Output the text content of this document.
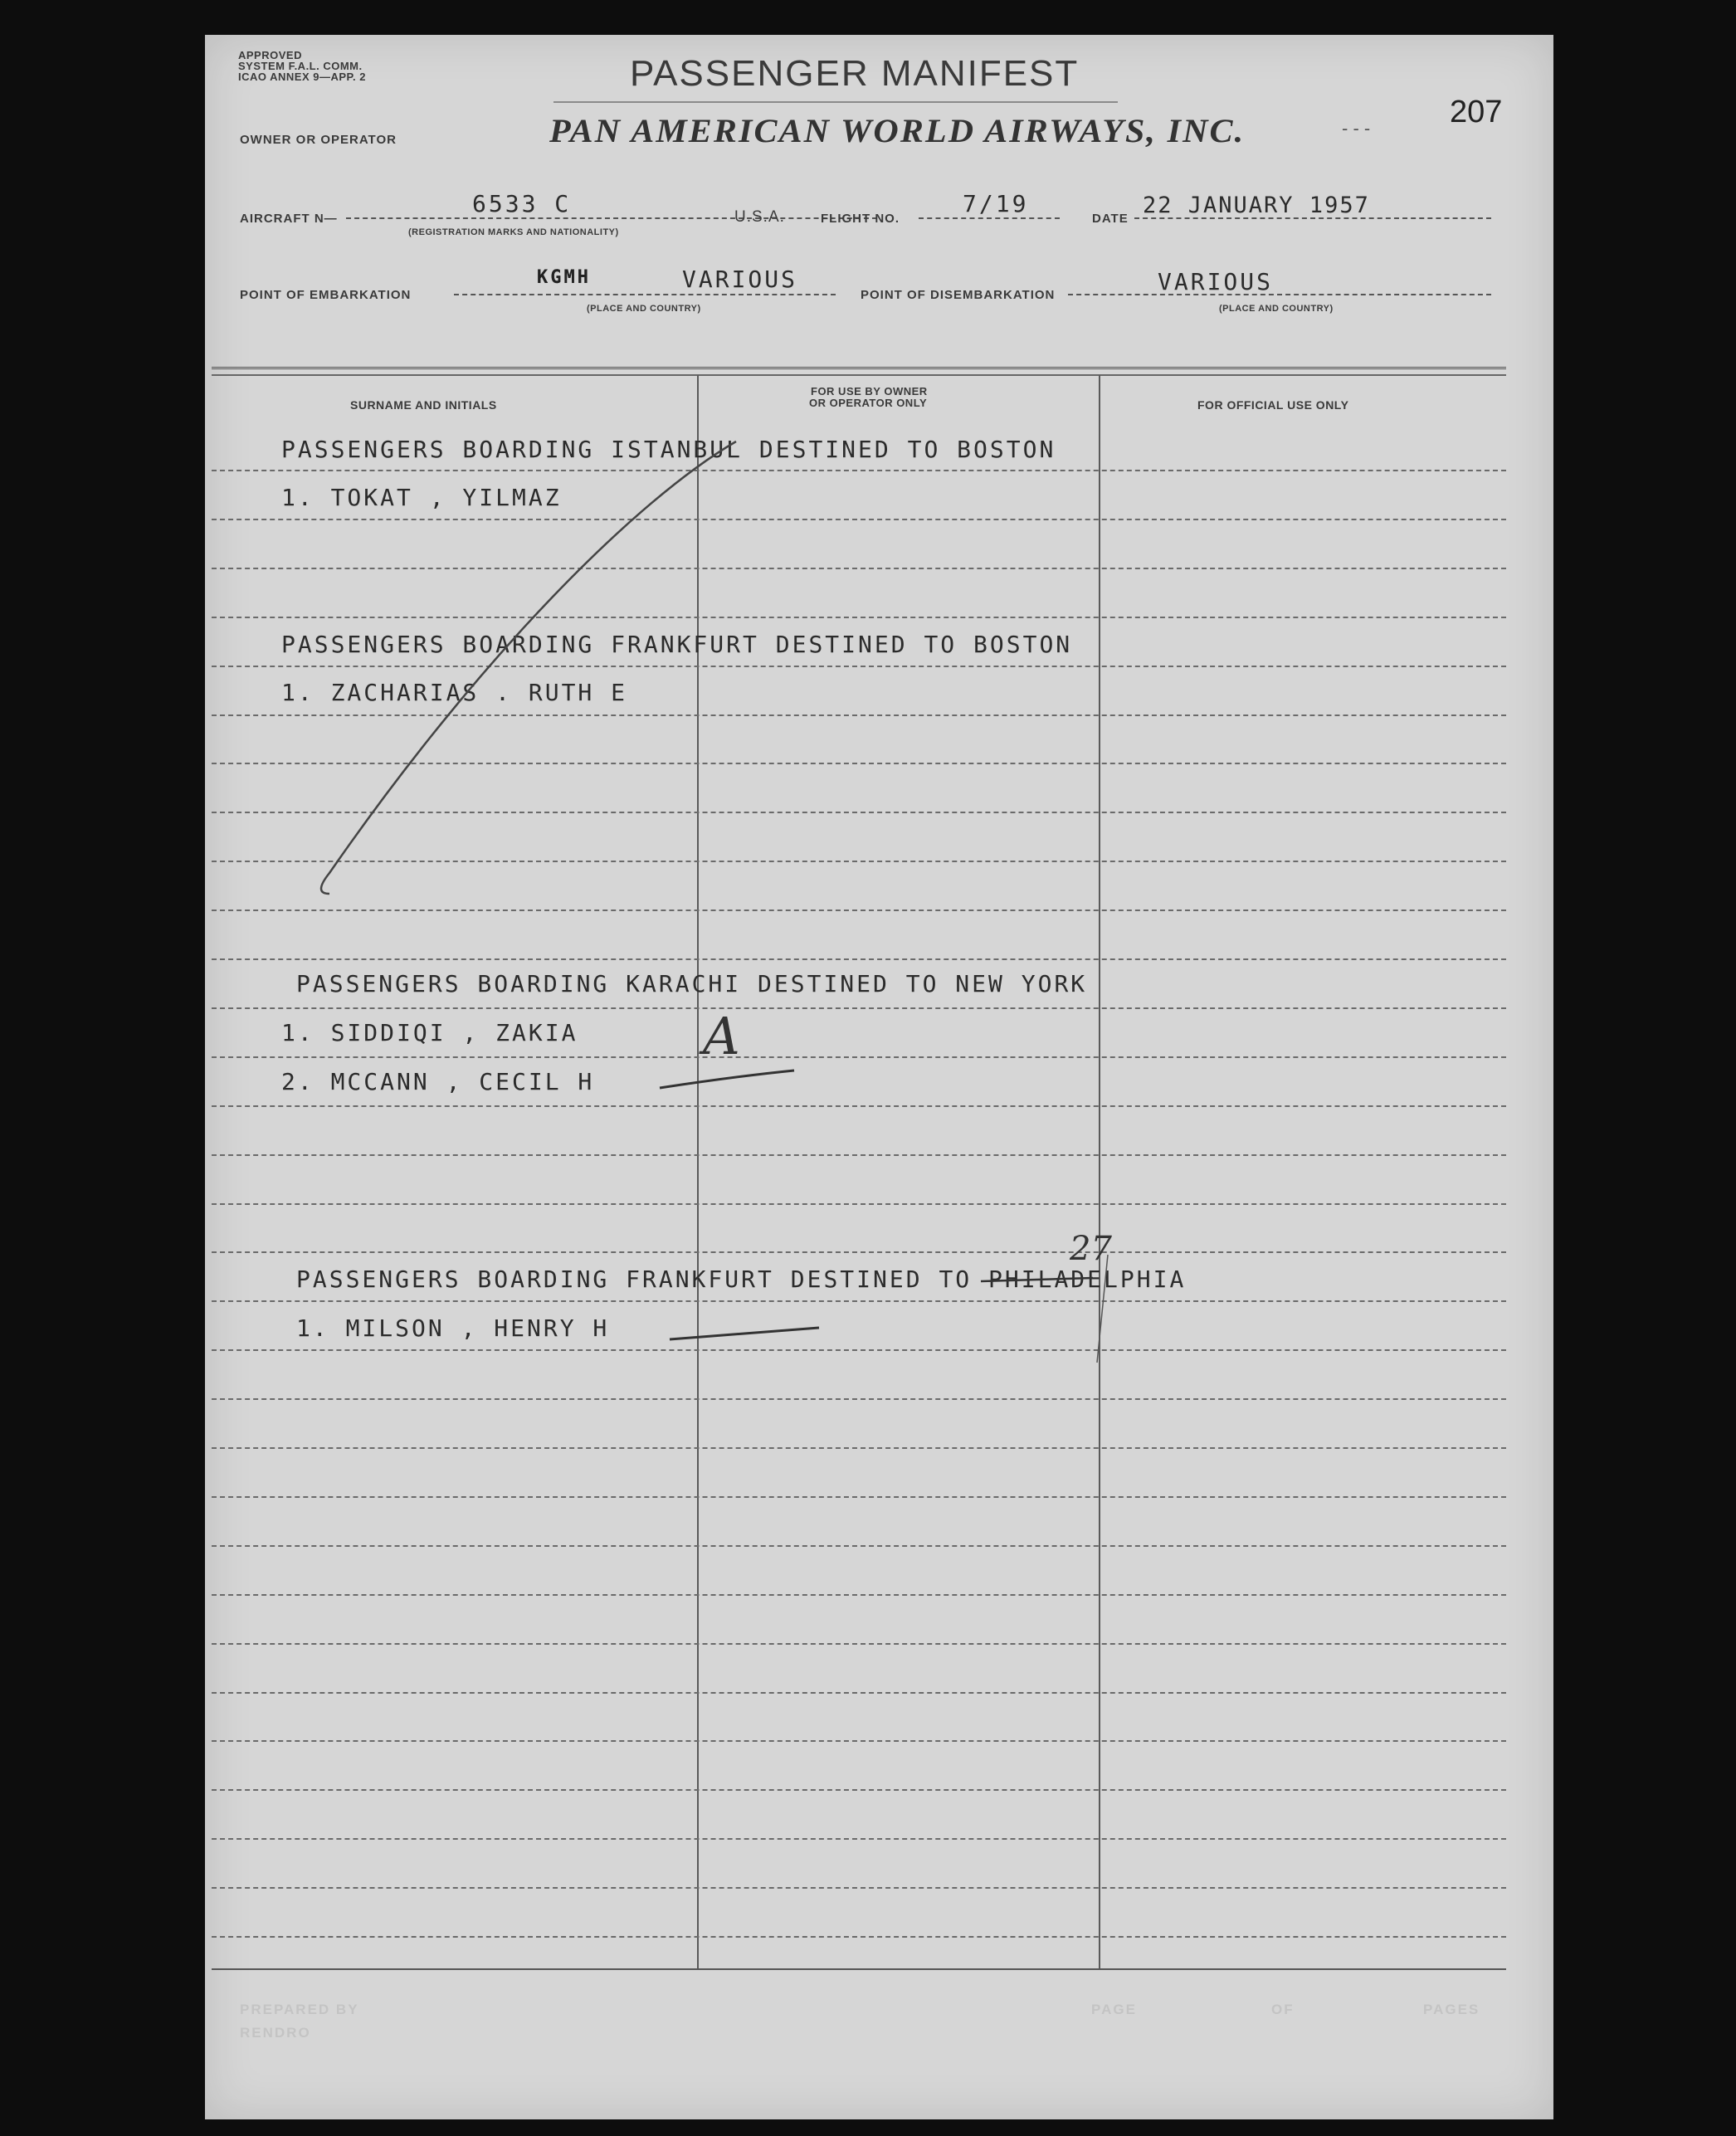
APPROVED
SYSTEM F.A.L. COMM.
ICAO ANNEX 9—APP. 2	PASSENGER MANIFEST
207
- - -
OWNER OR OPERATOR	PAN AMERICAN WORLD AIRWAYS, INC.
AIRCRAFT N—
6533 C
(REGISTRATION MARKS AND NATIONALITY)
U.S.A.	FLIGHT NO.
7/19
DATE
22 JANUARY 1957
POINT OF EMBARKATION
KGMH	VARIOUS
(PLACE AND COUNTRY)
POINT OF DISEMBARKATION	VARIOUS
(PLACE AND COUNTRY)
SURNAME AND INITIALS
FOR USE BY OWNER
OR OPERATOR ONLY	FOR OFFICIAL USE ONLY
PASSENGERS BOARDING ISTANBUL DESTINED TO BOSTON
1. TOKAT , YILMAZ
PASSENGERS BOARDING FRANKFURT DESTINED TO BOSTON
1. ZACHARIAS . RUTH E
PASSENGERS BOARDING KARACHI DESTINED TO NEW YORK
1. SIDDIQI , ZAKIA
2. MCCANN , CECIL H
PASSENGERS BOARDING FRANKFURT DESTINED TO PHILADELPHIA
1. MILSON , HENRY H
A
27
PREPARED BY
RENDRO
PAGE	OF	PAGES
